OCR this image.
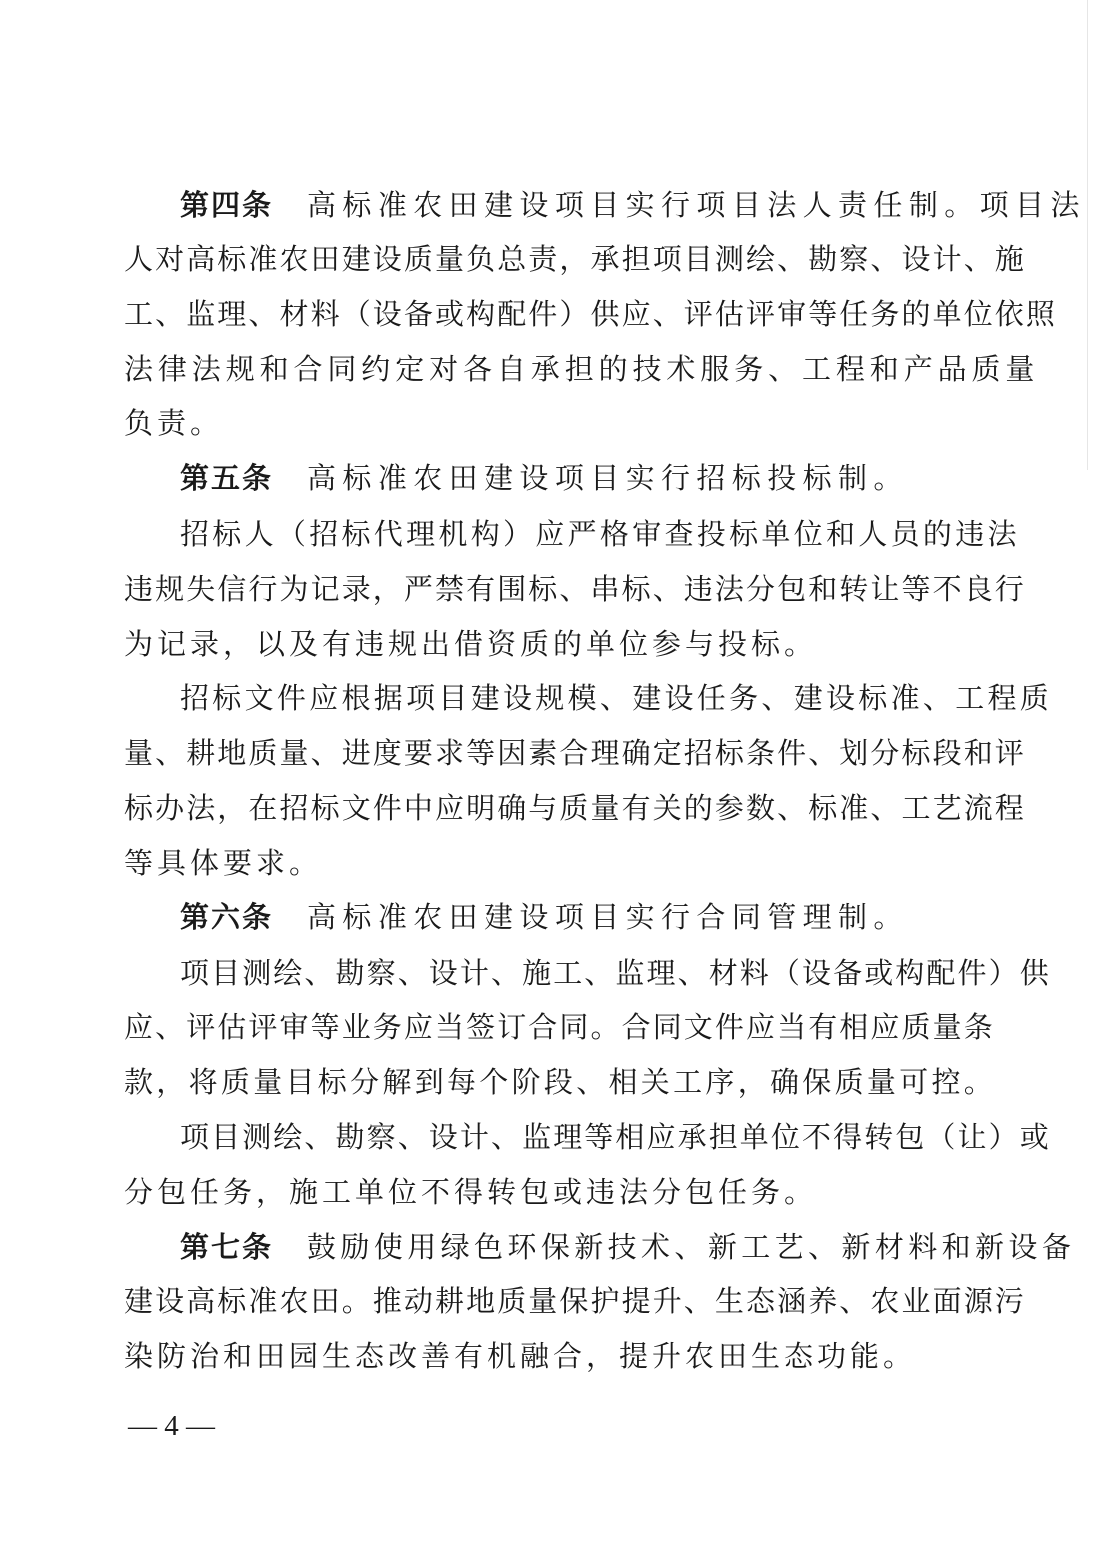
第四条 高标准农田建设项目实行项目法人责任制。项目法
人对高标准农田建设质量负总责，承担项目测绘、勘察、设计、施
工、监理、材料（设备或构配件）供应、评估评审等任务的单位依照
法律法规和合同约定对各自承担的技术服务、工程和产品质量
负责。
第五条 高标准农田建设项目实行招标投标制。
招标人（招标代理机构）应严格审查投标单位和人员的违法
违规失信行为记录，严禁有围标、串标、违法分包和转让等不良行
为记录，以及有违规出借资质的单位参与投标。
招标文件应根据项目建设规模、建设任务、建设标准、工程质
量、耕地质量、进度要求等因素合理确定招标条件、划分标段和评
标办法，在招标文件中应明确与质量有关的参数、标准、工艺流程
等具体要求。
第六条 高标准农田建设项目实行合同管理制。
项目测绘、勘察、设计、施工、监理、材料（设备或构配件）供
应、评估评审等业务应当签订合同。合同文件应当有相应质量条
款，将质量目标分解到每个阶段、相关工序，确保质量可控。
项目测绘、勘察、设计、监理等相应承担单位不得转包（让）或
分包任务，施工单位不得转包或违法分包任务。
第七条 鼓励使用绿色环保新技术、新工艺、新材料和新设备
建设高标准农田。推动耕地质量保护提升、生态涵养、农业面源污
染防治和田园生态改善有机融合，提升农田生态功能。
— 4 —
